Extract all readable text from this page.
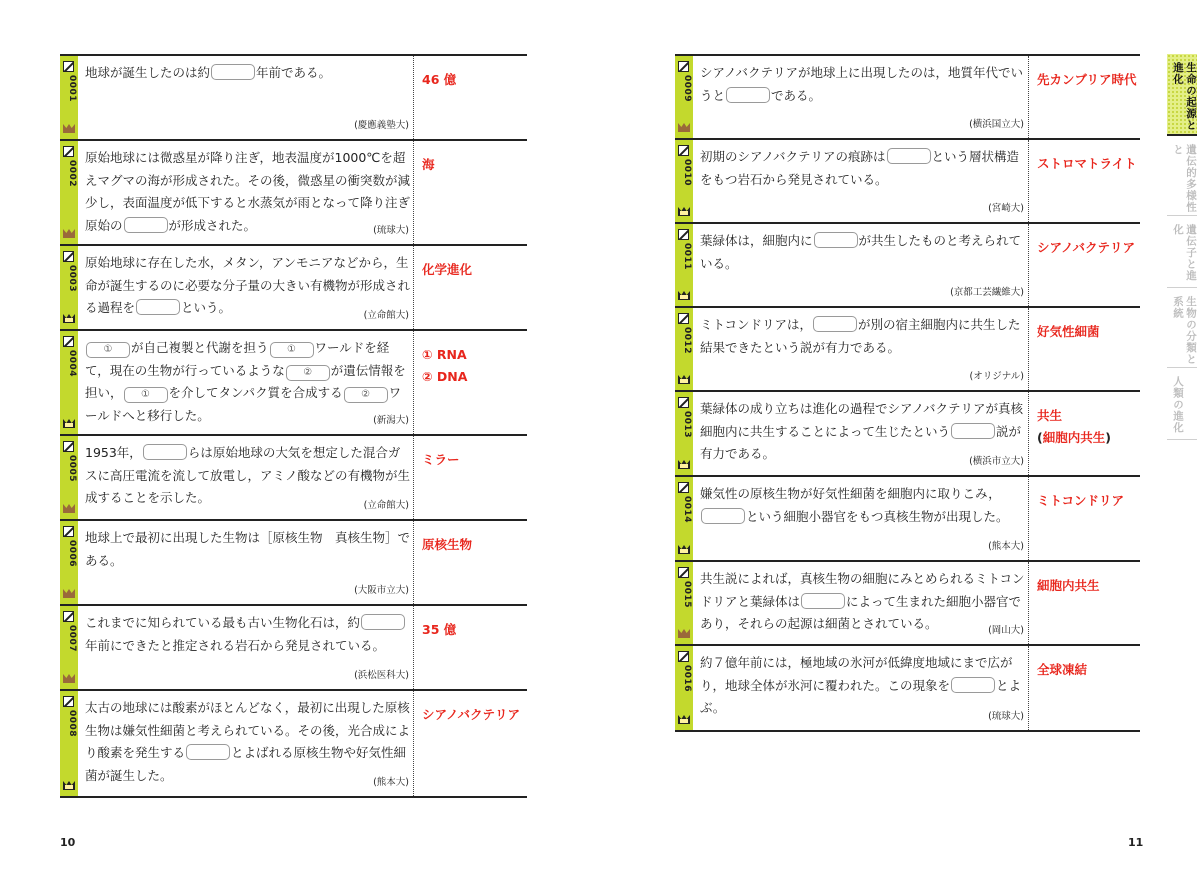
0001
地球が誕生したのは約	年前である。
(慶應義塾大)
46 億
0002
原始地球には微惑星が降り注ぎ，地表温度が1000℃を超えマグマの海が形成された。その後，微惑星の衝突数が減少し，表面温度が低下すると水蒸気が雨となって降り注ぎ原始の	が形成された。	(琉球大)
海
0003
原始地球に存在した水，メタン，アンモニアなどから，生命が誕生するのに必要な分子量の大きい有機物が形成される過程を	という。
(立命館大)
化学進化
0004
① が自己複製と代謝を担う ① ワールドを経て，現在の生物が行っているような ② が遺伝情報を担い， ① を介してタンパク質を合成する ② ワールドへと移行した。	(新潟大)
① RNA
② DNA
0005
1953年，	らは原始地球の大気を想定した混合ガスに高圧電流を流して放電し，アミノ酸などの有機物が生成することを示した。
(立命館大)
ミラー
0006
地球上で最初に出現した生物は［原核生物　真核生物］である。
(大阪市立大)
原核生物
0007
これまでに知られている最も古い生物化石は，約年前にできたと推定される岩石から発見されている。
(浜松医科大)
35 億
0008
太古の地球には酸素がほとんどなく，最初に出現した原核生物は嫌気性細菌と考えられている。その後，光合成により酸素を発生する	とよばれる原核生物や好気性細菌が誕生した。	(熊本大)
シアノバクテリア
0009
シアノバクテリアが地球上に出現したのは，地質年代でいうと	である。
(横浜国立大)
先カンブリア時代
0010
初期のシアノバクテリアの痕跡は	という層状構造をもつ岩石から発見されている。
(宮崎大)
ストロマトライト
0011
葉緑体は，細胞内に	が共生したものと考えられている。
(京都工芸繊維大)
シアノバクテリア
0012
ミトコンドリアは，	が別の宿主細胞内に共生した結果できたという説が有力である。
(オリジナル)
好気性細菌
0013
葉緑体の成り立ちは進化の過程でシアノバクテリアが真核細胞内に共生することによって生じたという	説が有力である。
(横浜市立大)
共生
(細胞内共生)
0014
嫌気性の原核生物が好気性細菌を細胞内に取りこみ，という細胞小器官をもつ真核生物が出現した。
(熊本大)
ミトコンドリア
0015
共生説によれば，真核生物の細胞にみとめられるミトコンドリアと葉緑体は	によって生まれた細胞小器官であり，それらの起源は細菌とされている。	(岡山大)
細胞内共生
0016
約７億年前には，極地域の氷河が低緯度地域にまで広がり，地球全体が氷河に覆われた。この現象を	とよぶ。
(琉球大)
全球凍結
10	11
生命の起源と進化
遺伝的多様性と
遺伝子と進化
生物の分類と系統
人類の進化
